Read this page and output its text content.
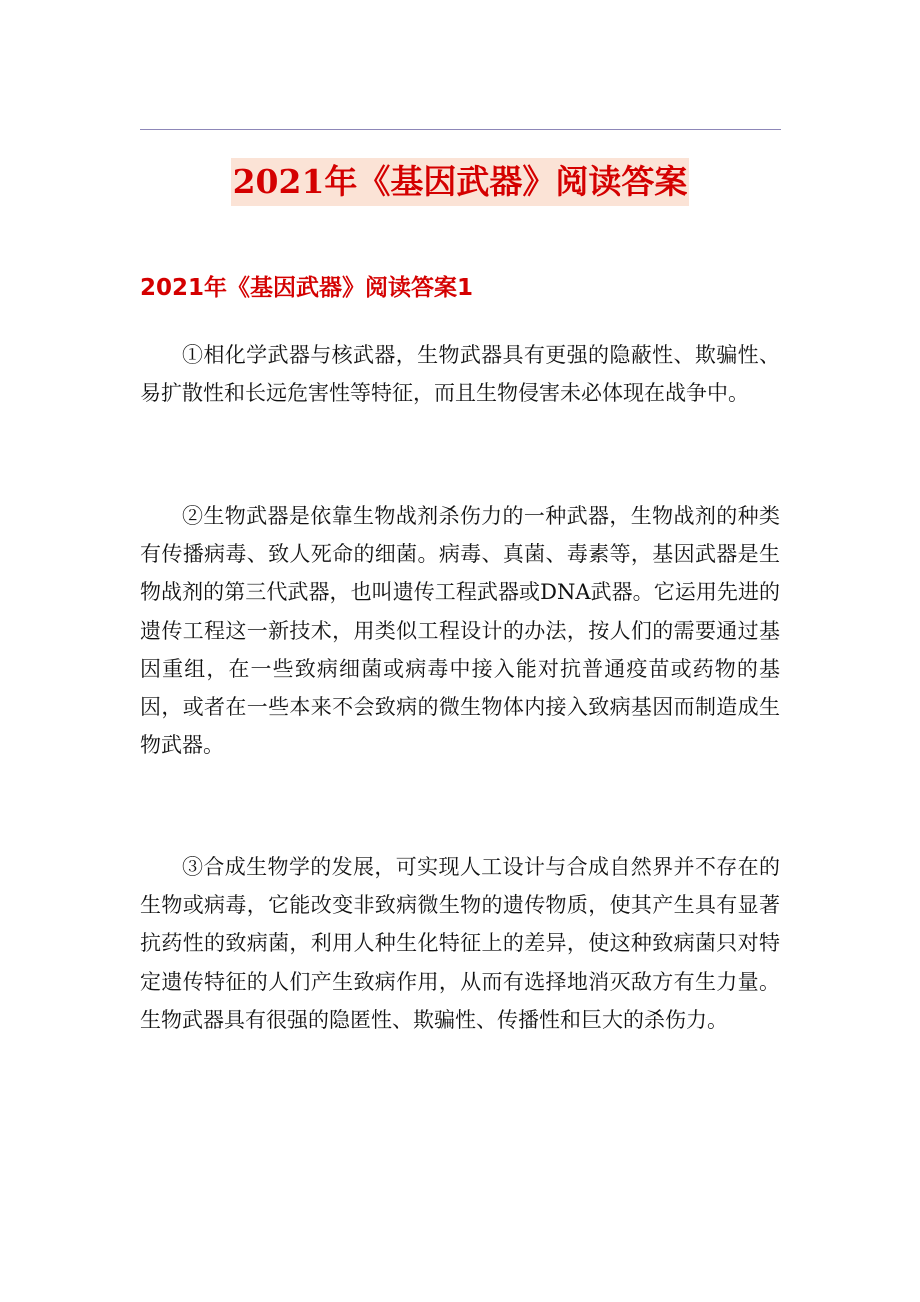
2021年《基因武器》阅读答案
2021年《基因武器》阅读答案1

①相化学武器与核武器，生物武器具有更强的隐蔽性、欺骗性、易扩散性和长远危害性等特征，而且生物侵害未必体现在战争中。

②生物武器是依靠生物战剂杀伤力的一种武器，生物战剂的种类有传播病毒、致人死命的细菌。病毒、真菌、毒素等，基因武器是生物战剂的第三代武器，也叫遗传工程武器或DNA武器。它运用先进的遗传工程这一新技术，用类似工程设计的办法，按人们的需要通过基因重组，在一些致病细菌或病毒中接入能对抗普通疫苗或药物的基因，或者在一些本来不会致病的微生物体内接入致病基因而制造成生物武器。

③合成生物学的发展，可实现人工设计与合成自然界并不存在的生物或病毒，它能改变非致病微生物的遗传物质，使其产生具有显著抗药性的致病菌，利用人种生化特征上的差异，使这种致病菌只对特定遗传特征的人们产生致病作用，从而有选择地消灭敌方有生力量。生物武器具有很强的隐匿性、欺骗性、传播性和巨大的杀伤力。
